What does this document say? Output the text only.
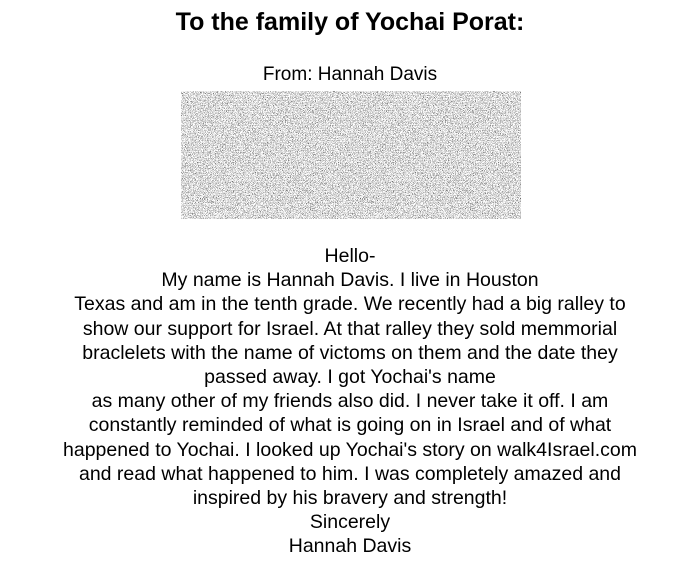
To the family of Yochai Porat:
From: Hannah Davis
Hello-
My name is Hannah Davis. I live in Houston
Texas and am in the tenth grade. We recently had a big ralley to
show our support for Israel. At that ralley they sold memmorial
braclelets with the name of victoms on them and the date they
passed away. I got Yochai's name
as many other of my friends also did. I never take it off. I am
constantly reminded of what is going on in Israel and of what
happened to Yochai. I looked up Yochai's story on walk4Israel.com
and read what happened to him. I was completely amazed and
inspired by his bravery and strength!
Sincerely
Hannah Davis
